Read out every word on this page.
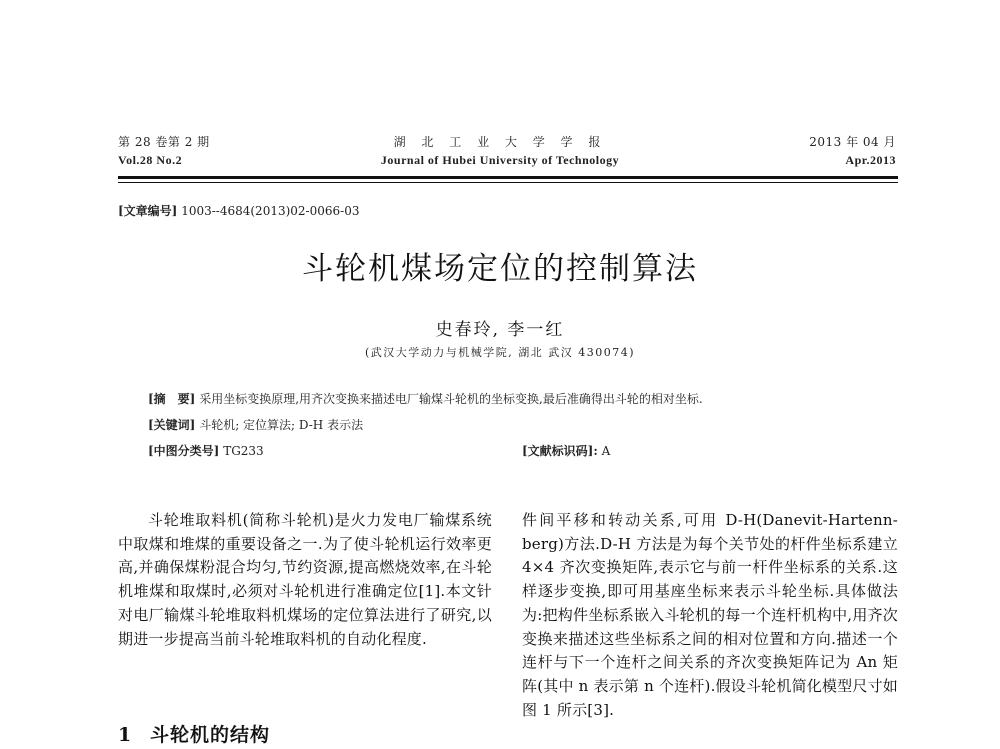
第 28 卷第 2 期
Vol.28 No.2
湖 北 工 业 大 学 学 报
Journal of Hubei University of Technology
2013 年 04 月
Apr.2013
[文章编号] 1003--4684(2013)02-0066-03
斗轮机煤场定位的控制算法
史春玲, 李一红
(武汉大学动力与机械学院, 湖北 武汉 430074)
[摘　要] 采用坐标变换原理,用齐次变换来描述电厂输煤斗轮机的坐标变换,最后准确得出斗轮的相对坐标.
[关键词] 斗轮机; 定位算法; D-H 表示法
[中图分类号] TG233	[文献标识码]: A

斗轮堆取料机(简称斗轮机)是火力发电厂输煤系统中取煤和堆煤的重要设备之一.为了使斗轮机运行效率更高,并确保煤粉混合均匀,节约资源,提高燃烧效率,在斗轮机堆煤和取煤时,必须对斗轮机进行准确定位[1].本文针对电厂输煤斗轮堆取料机煤场的定位算法进行了研究,以期进一步提高当前斗轮堆取料机的自动化程度.

件间平移和转动关系,可用 D-H(Danevit-Hartenn-berg)方法.D-H 方法是为每个关节处的杆件坐标系建立 4×4 齐次变换矩阵,表示它与前一杆件坐标系的关系.这样逐步变换,即可用基座坐标来表示斗轮坐标.具体做法为:把构件坐标系嵌入斗轮机的每一个连杆机构中,用齐次变换来描述这些坐标系之间的相对位置和方向.描述一个连杆与下一个连杆之间关系的齐次变换矩阵记为 An 矩阵(其中 n 表示第 n 个连杆).假设斗轮机简化模型尺寸如图 1 所示[3].

1 斗轮机的结构
